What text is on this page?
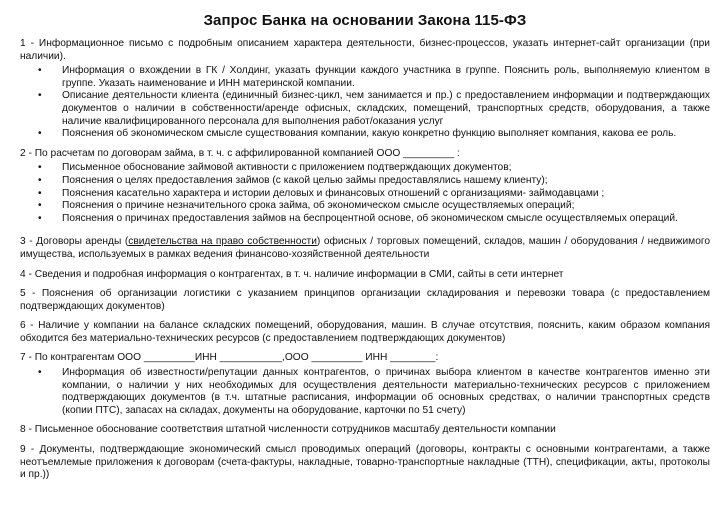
Запрос Банка на основании Закона 115-ФЗ
1 - Информационное письмо с подробным описанием характера деятельности, бизнес-процессов, указать интернет-сайт организации (при наличии).
• Информация о вхождении в ГК / Холдинг, указать функции каждого участника в группе. Пояснить роль, выполняемую клиентом в группе. Указать наименование и ИНН материнской компании.
• Описание деятельности клиента (единичный бизнес-цикл, чем занимается и пр.) с предоставлением информации и подтверждающих документов о наличии в собственности/аренде офисных, складских, помещений, транспортных средств, оборудования, а также наличие квалифицированного персонала для выполнения работ/оказания услуг
• Пояснения об экономическом смысле существования компании, какую конкретно функцию выполняет компания, какова ее роль.
2 - По расчетам по договорам займа, в т. ч. с аффилированной компанией ООО _________ :
• Письменное обоснование займовой активности с приложением подтверждающих документов;
• Пояснения о целях предоставления займов (с какой целью займы предоставлялись нашему клиенту);
• Пояснения касательно характера и истории деловых и финансовых отношений с организациями- займодавцами ;
• Пояснения о причине незначительного срока займа, об экономическом смысле осуществляемых операций;
• Пояснения о причинах предоставления займов на беспроцентной основе, об экономическом смысле осуществляемых операций.
3 - Договоры аренды (свидетельства на право собственности) офисных / торговых помещений, складов, машин / оборудования / недвижимого имущества, используемых в рамках ведения финансово-хозяйственной деятельности
4 - Сведения и подробная информация о контрагентах, в т. ч. наличие информации в СМИ, сайты в сети интернет
5 - Пояснения об организации логистики с указанием принципов организации складирования и перевозки товара (с предоставлением подтверждающих документов)
6 - Наличие у компании на балансе складских помещений, оборудования, машин. В случае отсутствия, пояснить, каким образом компания обходится без материально-технических ресурсов (с предоставлением подтверждающих документов)
7 - По контрагентам ООО _________ИНН ___________,ООО _________ ИНН ________:
• Информация об известности/репутации данных контрагентов, о причинах выбора клиентом в качестве контрагентов именно эти компании, о наличии у них необходимых для осуществления деятельности материально-технических ресурсов с приложением подтверждающих документов (в т.ч. штатные расписания, информации об основных средствах, о наличии транспортных средств (копии ПТС), запасах на складах, документы на оборудование, карточки по 51 счету)
8 - Письменное обоснование соответствия штатной численности сотрудников масштабу деятельности компании
9 - Документы, подтверждающие экономический смысл проводимых операций (договоры, контракты с основными контрагентами, а также неотъемлемые приложения к договорам (счета-фактуры, накладные, товарно-транспортные накладные (ТТН), спецификации, акты, протоколы и пр.))
